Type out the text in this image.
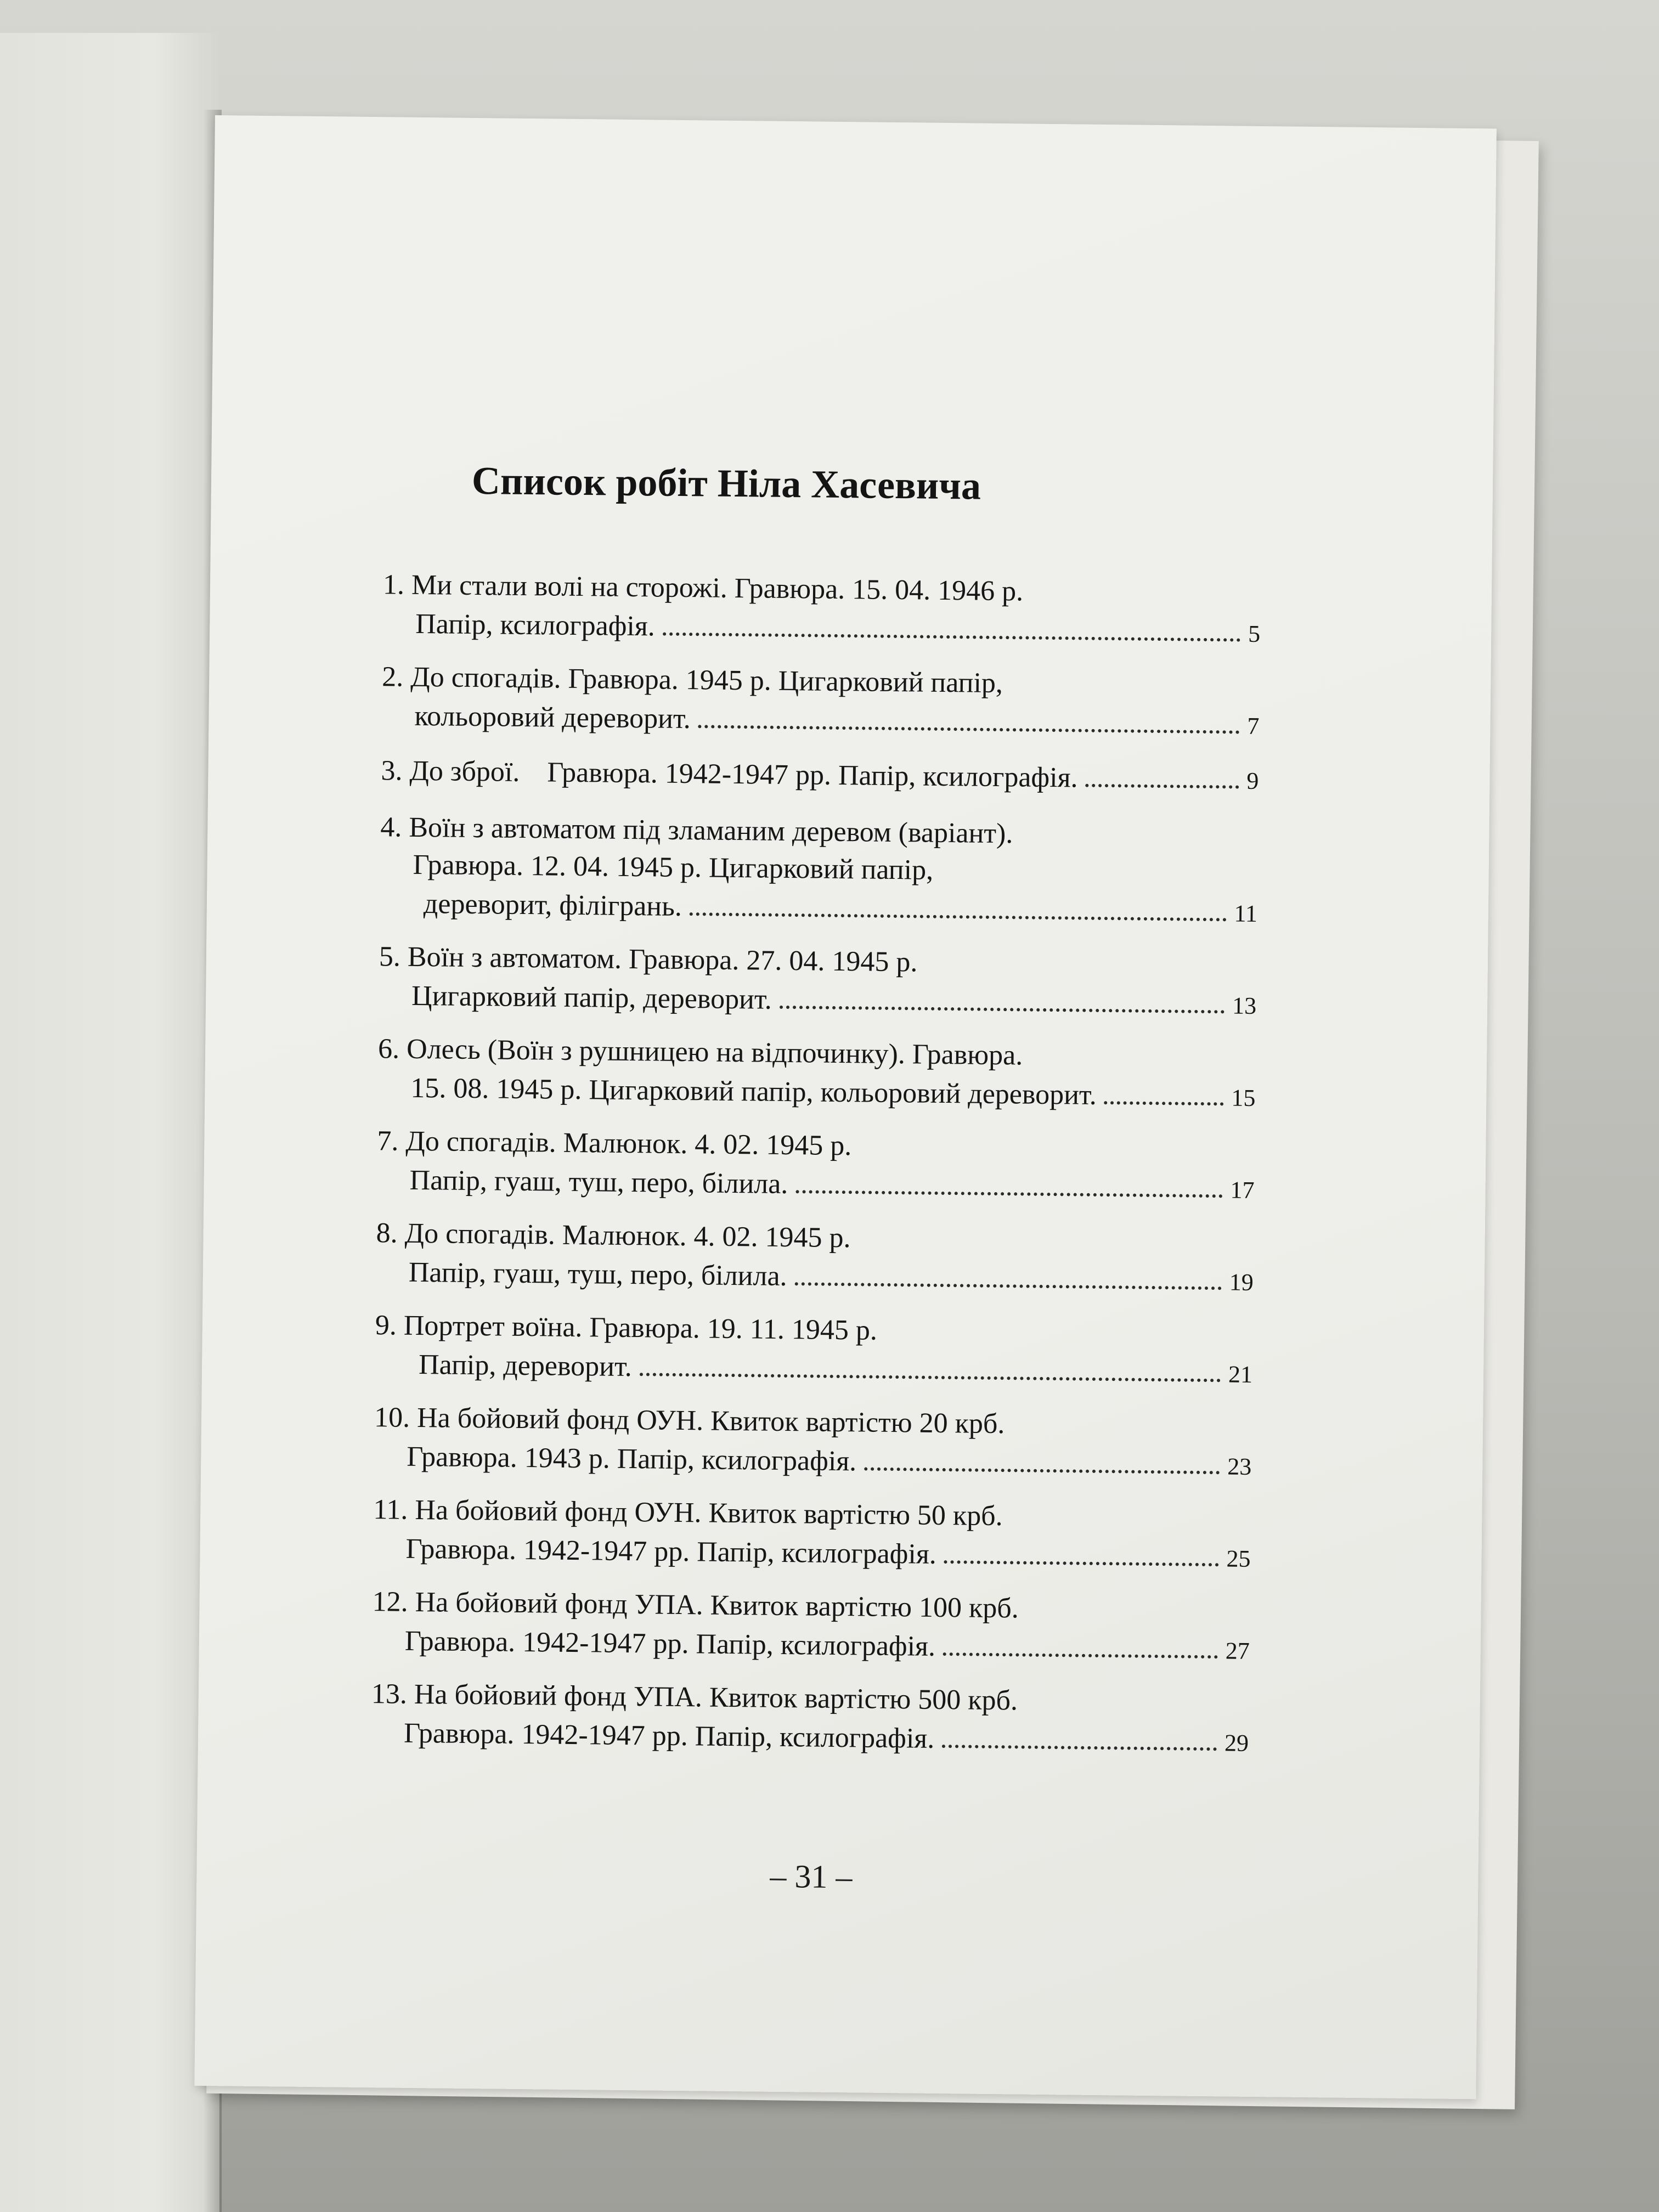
Список робіт Ніла Хасевича
1. Ми стали волі на сторожі. Гравюра. 15. 04. 1946 р.
Папір, ксилографія.	5
2. До спогадів. Гравюра. 1945 р. Цигарковий папір,
кольоровий дереворит.	7
3. До зброї. Гравюра. 1942-1947 рр. Папір, ксилографія.	9
4. Воїн з автоматом під зламаним деревом (варіант).
Гравюра. 12. 04. 1945 р. Цигарковий папір,
дереворит, філігрань.	11
5. Воїн з автоматом. Гравюра. 27. 04. 1945 р.
Цигарковий папір, дереворит.	13
6. Олесь (Воїн з рушницею на відпочинку). Гравюра.
15. 08. 1945 р. Цигарковий папір, кольоровий дереворит.	15
7. До спогадів. Малюнок. 4. 02. 1945 р.
Папір, гуаш, туш, перо, білила.	17
8. До спогадів. Малюнок. 4. 02. 1945 р.
Папір, гуаш, туш, перо, білила.	19
9. Портрет воїна. Гравюра. 19. 11. 1945 р.
Папір, дереворит.	21
10. На бойовий фонд ОУН. Квиток вартістю 20 крб.
Гравюра. 1943 р. Папір, ксилографія.	23
11. На бойовий фонд ОУН. Квиток вартістю 50 крб.
Гравюра. 1942-1947 рр. Папір, ксилографія.	25
12. На бойовий фонд УПА. Квиток вартістю 100 крб.
Гравюра. 1942-1947 рр. Папір, ксилографія.	27
13. На бойовий фонд УПА. Квиток вартістю 500 крб.
Гравюра. 1942-1947 рр. Папір, ксилографія.	29
– 31 –
